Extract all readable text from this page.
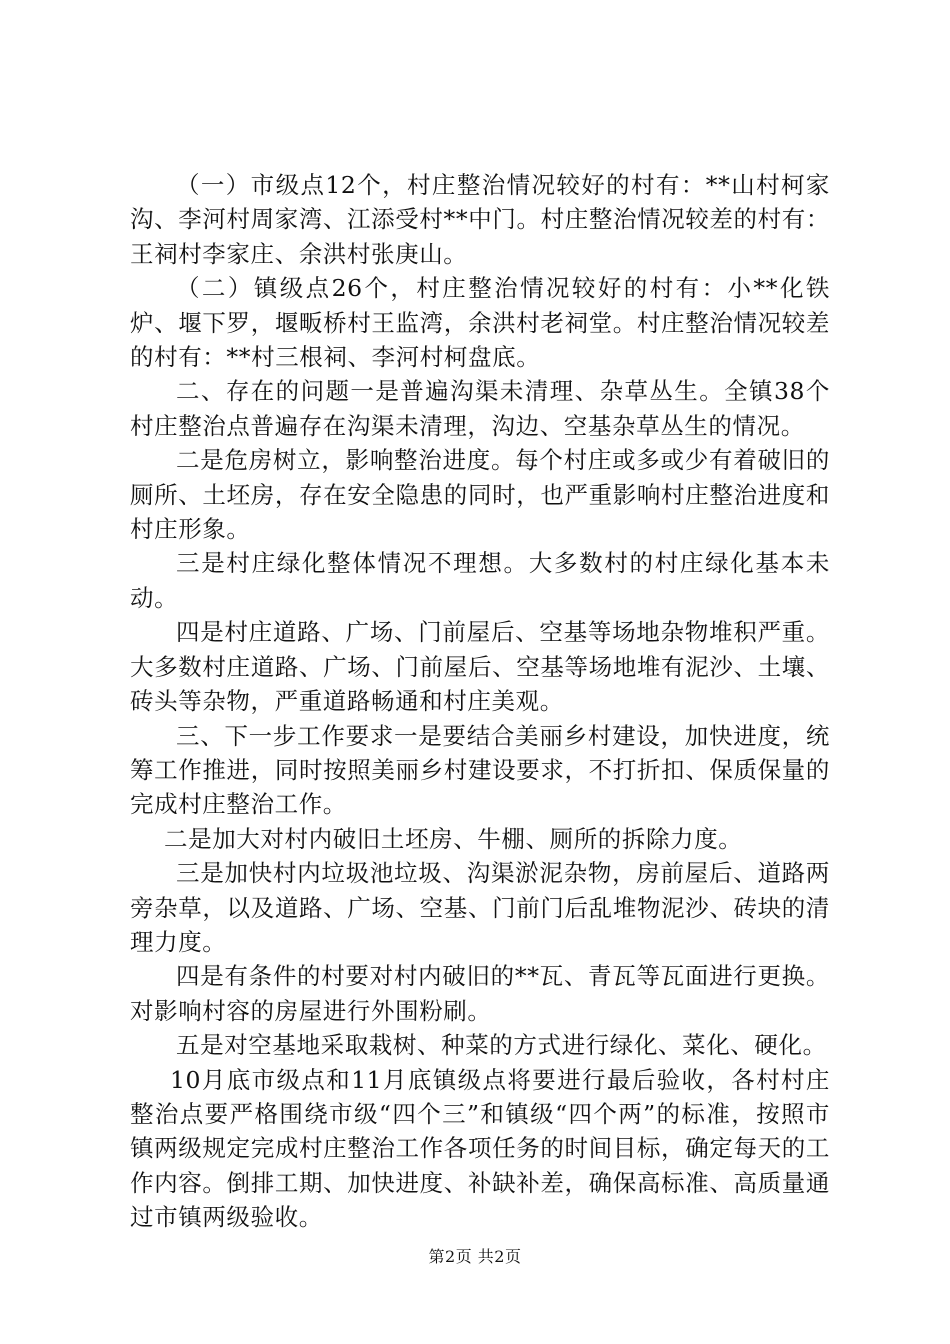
（一）市级点12个，村庄整治情况较好的村有：**山村柯家沟、李河村周家湾、江添受村**中门。村庄整治情况较差的村有：王祠村李家庄、余洪村张庚山。

（二）镇级点26个，村庄整治情况较好的村有：小**化铁炉、堰下罗，堰畈桥村王监湾，余洪村老祠堂。村庄整治情况较差的村有：**村三根祠、李河村柯盘底。

二、存在的问题一是普遍沟渠未清理、杂草丛生。全镇38个村庄整治点普遍存在沟渠未清理，沟边、空基杂草丛生的情况。

二是危房树立，影响整治进度。每个村庄或多或少有着破旧的厕所、土坯房，存在安全隐患的同时，也严重影响村庄整治进度和村庄形象。

三是村庄绿化整体情况不理想。大多数村的村庄绿化基本未动。

四是村庄道路、广场、门前屋后、空基等场地杂物堆积严重。大多数村庄道路、广场、门前屋后、空基等场地堆有泥沙、土壤、砖头等杂物，严重道路畅通和村庄美观。

三、下一步工作要求一是要结合美丽乡村建设，加快进度，统筹工作推进，同时按照美丽乡村建设要求，不打折扣、保质保量的完成村庄整治工作。

二是加大对村内破旧土坯房、牛棚、厕所的拆除力度。

三是加快村内垃圾池垃圾、沟渠淤泥杂物，房前屋后、道路两旁杂草，以及道路、广场、空基、门前门后乱堆物泥沙、砖块的清理力度。

四是有条件的村要对村内破旧的**瓦、青瓦等瓦面进行更换。对影响村容的房屋进行外围粉刷。

五是对空基地采取栽树、种菜的方式进行绿化、菜化、硬化。

10月底市级点和11月底镇级点将要进行最后验收，各村村庄整治点要严格围绕市级“四个三”和镇级“四个两”的标准，按照市镇两级规定完成村庄整治工作各项任务的时间目标，确定每天的工作内容。倒排工期、加快进度、补缺补差，确保高标准、高质量通过市镇两级验收。

第2页 共2页
